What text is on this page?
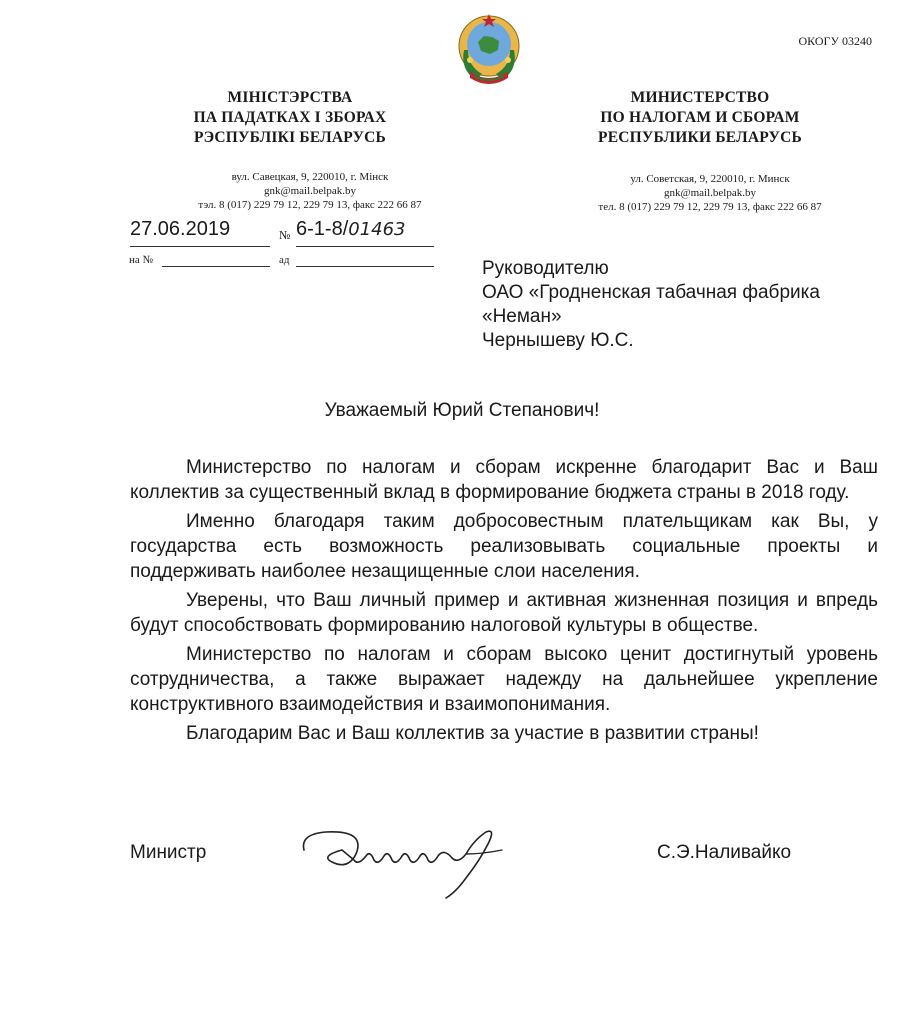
ОКОГУ 03240
МІНІСТЭРСТВА
ПА ПАДАТКАХ І ЗБОРАХ
РЭСПУБЛІКІ БЕЛАРУСЬ
вул. Савецкая, 9, 220010, г. Мінск
gnk@mail.belpak.by
тэл. 8 (017) 229 79 12, 229 79 13, факс 222 66 87
МИНИСТЕРСТВО
ПО НАЛОГАМ И СБОРАМ
РЕСПУБЛИКИ БЕЛАРУСЬ
ул. Советская, 9, 220010, г. Минск
gnk@mail.belpak.by
тел. 8 (017) 229 79 12, 229 79 13, факс 222 66 87
27.06.2019	№ 6-1-8/01463
на №	ад	Руководителю
ОАО «Гродненская табачная фабрика
«Неман»
Чернышеву Ю.С.
Уважаемый Юрий Степанович!

Министерство по налогам и сборам искренне благодарит Вас и Ваш коллектив за существенный вклад в формирование бюджета страны в 2018 году.

Именно благодаря таким добросовестным плательщикам как Вы, у государства есть возможность реализовывать социальные проекты и поддерживать наиболее незащищенные слои населения.

Уверены, что Ваш личный пример и активная жизненная позиция и впредь будут способствовать формированию налоговой культуры в обществе.

Министерство по налогам и сборам высоко ценит достигнутый уровень сотрудничества, а также выражает надежду на дальнейшее укрепление конструктивного взаимодействия и взаимопонимания.

Благодарим Вас и Ваш коллектив за участие в развитии страны!

Министр	С.Э.Наливайко
